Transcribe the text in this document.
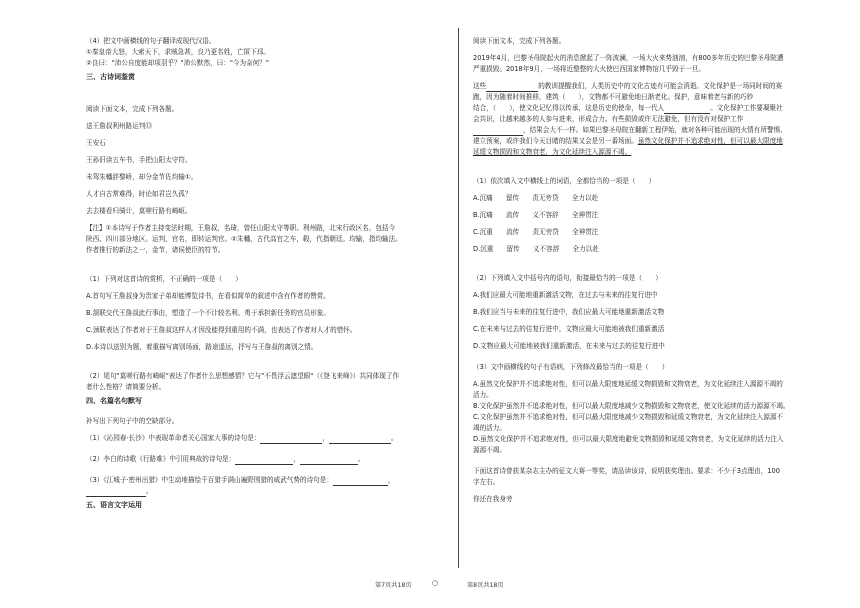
（4）把文中画横线的句子翻译成现代汉语。

①秦皇帝大怒，大索天下，求贼急甚，良乃更名姓，亡匿下邳。

②良曰："沛公自度能却项羽乎？"沛公默然，曰："今为奈何？"

三、古诗词鉴赏

阅读下面文本，完成下列各题。

送王詹叔利州路运判⑬

王安石

王孙旧读五车书，手把山阳太守符。

未驾朱轓辞黎峤，却分金节佐均输①。

人才自古常难得，时论如君岂久孤？

去去楼看归骑计，莫嗟行路有崎岖。

【注】①本诗写于作者主持变法时期，王詹叔，名琦，曾任山阳太守等职。利州路，北宋行政区名，包括今

陕西、四川部分地区。运判，官名，即转运判官。②朱轓，古代高官之车，毂，代指朝廷。均输，指均输法。

作者推行的新法之一，金节，诸侯使臣的符节。

（1）下列对这首诗的赏析，不正确的一项是（　　）

A.首句写王詹叔身为贵家子弟却能博览诗书，在看似简单的叙述中含有作者的赞赏。

B.颔联交代王詹叔此行事由，塑造了一个不计较名利、勇于承担新任务的官员形象。

C.颈联表达了作者对于王詹叔这样人才因没能得到重用的不满，也表达了作者对人才的惜怀。

D.本诗以送别为题，着重描写离别场面，路途遥远，抒写与王詹叔的离别之情。

（2）尾句"莫嗟行路有崎岖"表达了作者什么思想感情？它与"不畏浮云遮望眼"（《登飞来峰》）共同体现了作

者什么性格？请简要分析。

四、名篇名句默写

补写出下列句子中的空缺部分。

（1）《沁园春·长沙》中表现革命者关心国家大事的诗句是：	，	。

（2）李白的诗歌《行路难》中引用典故的诗句是：	，	。

（3）《江城子·密州出猎》中生动地描绘千百猎手满山遍野围猎的威武气势的诗句是：	，

。

五、语言文字运用

阅读下面文本，完成下列各题。

2019年4月，巴黎圣母院起火的消息掀起了一阵波澜，一场大火来势汹汹，有800多年历史的巴黎圣母院遭

严重损毁。2018年9月，一场将近整整的大火使巴西国家博物馆几乎毁于一旦。

这些	的教训提醒我们，人类历史中的文化古迹有可能会消逝。文化保护是一场同时间的赛

跑，因为随着时间推移，建筑（　　），文物都不可避免地日渐老化。保护，意味着老与新的巧妙

结合，（　　），使文化记忆得以传承，这是历史的使命，每一代人	。文化保护工作要凝聚社

会共识，让越来越多的人参与进来，形成合力。有些损毁或许无法避免，但有没有对保护工作

，结果会大不一样。如果巴黎圣母院在翻新工程伊始，就对各种可能出现的火情有所警惕、

建立预案，或许我们今天目睹的结果又会是另一番场面。虽然文化保护并不追求绝对性，但可以最大限度地

延缓文物损毁和文物衰老，为文化延续注入源源不竭。

（1）依次填入文中横线上的词语，全都恰当的一项是（　　）

A.沉痛　　留传　　责无旁贷　　全力以赴

B.沉痛　　流传　　义不容辞　　全神贯注

C.沉重　　流传　　责无旁贷　　全神贯注

D.沉重　　留传　　义不容辞　　全力以赴

（2）下列填入文中括号内的语句，衔接最恰当的一项是（　　）

A.我们应最大可能地重新激活文物，在过去与未来的往复行进中

B.我们应当与未来的往复行进中，我们应最大可能地重新激活文物

C.在未来与过去的往复行进中，文物应最大可能地被我们重新激活

D.文物应最大可能地被我们重新激活，在未来与过去的往复行进中

（3）文中画横线的句子有语病，下列修改最恰当的一项是（　　）

A.虽然文化保护并不追求绝对性，但可以最大限度地延缓文物损毁和文物衰老，为文化延续注入源源不竭的

活力。

B.文化保护虽然并不追求绝对性，但可以最大限度地减少文物损毁和文物衰老，使文化延续的活力源源不竭。

C.文化保护虽然并不追求绝对性，但可以最大限度地减少文物损毁和延缓文物衰老，为文化延续注入源源不

竭的活力。

D.虽然文化保护并不追求绝对性，但可以最大限度地避免文物损毁和延缓文物衰老，为文化延续的活力注入

源源不竭。

下面这首诗曾获某杂志主办的征文大赛一等奖，请品读该诗，说明获奖理由。要求：不少于3点理由，100

字左右。

你还在我身旁

第7页共18页	○	第8页共18页
